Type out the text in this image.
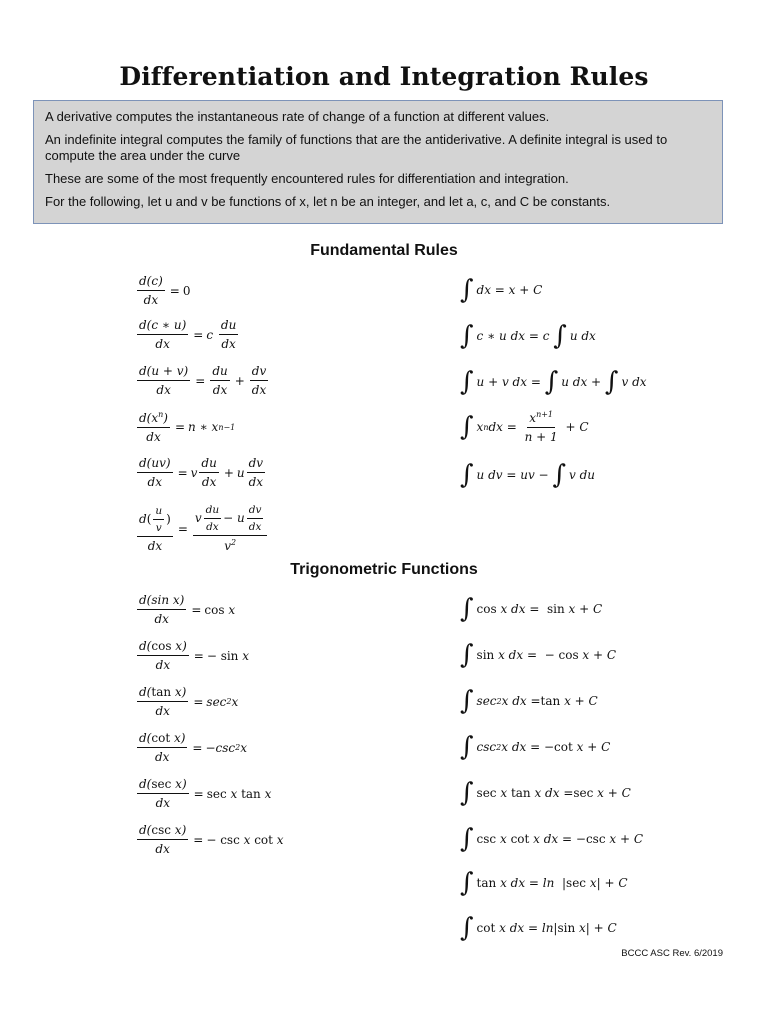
Differentiation and Integration Rules

A derivative computes the instantaneous rate of change of a function at different values.

An indefinite integral computes the family of functions that are the antiderivative. A definite integral is used to compute the area under the curve

These are some of the most frequently encountered rules for differentiation and integration.

For the following, let u and v be functions of x, let n be an integer, and let a, c, and C be constants.

Fundamental Rules
$\frac{d(c)}{dx} = 0$
$\frac{d(c ∗ u)}{dx} = c \frac{du}{dx}$
$\frac{d(u + v)}{dx} = \frac{du}{dx} + \frac{dv}{dx}$
$\frac{d(x^n)}{dx} = n$ ∗ x n−1
$\frac{d(uv)}{dx} = v \frac{du}{dx} + u \frac{dv}{dx}$
$\frac{d( \frac{u}{v} )}{dx} = \frac{v \frac{du}{dx} - u \frac{dv}{dx}}{v^2}$
∫ dx = x + C
∫ c ∗ u dx = c ∫ u dx
∫ u + v dx = ∫ u dx + ∫ v dx
∫ x n dx = $\frac{x^{n+1}}{n + 1} + C$
∫ u dv = uv − ∫ v du
Trigonometric Functions
$\frac{\text{d(sin x)}}{dx} = \cos x$
$\frac{\text{d(cos x)}}{dx}$ = − sin x
$\frac{\text{d(tan x)}}{dx} = \sec 2$ x
$\frac{\text{d(cot x)}}{dx} = -\csc$ 2 x
$\frac{\text{d(sec x)}}{dx} = \sec x$ tan x
$\frac{\text{d(csc x)}}{dx}$ = − csc x cot x
∫ cos x dx = sin x + C
∫ sin x dx =  − cos x + C
∫ sec 2 x dx = tan x + C
∫ csc 2 x dx = − cot x + C
∫ sec x tan x dx = sec x + C
∫ csc x cot x dx = − csc x + C
∫ tan x dx = ln  | sec x| + C
∫ cot x dx = ln| sin x| + C
BCCC ASC Rev. 6/2019
